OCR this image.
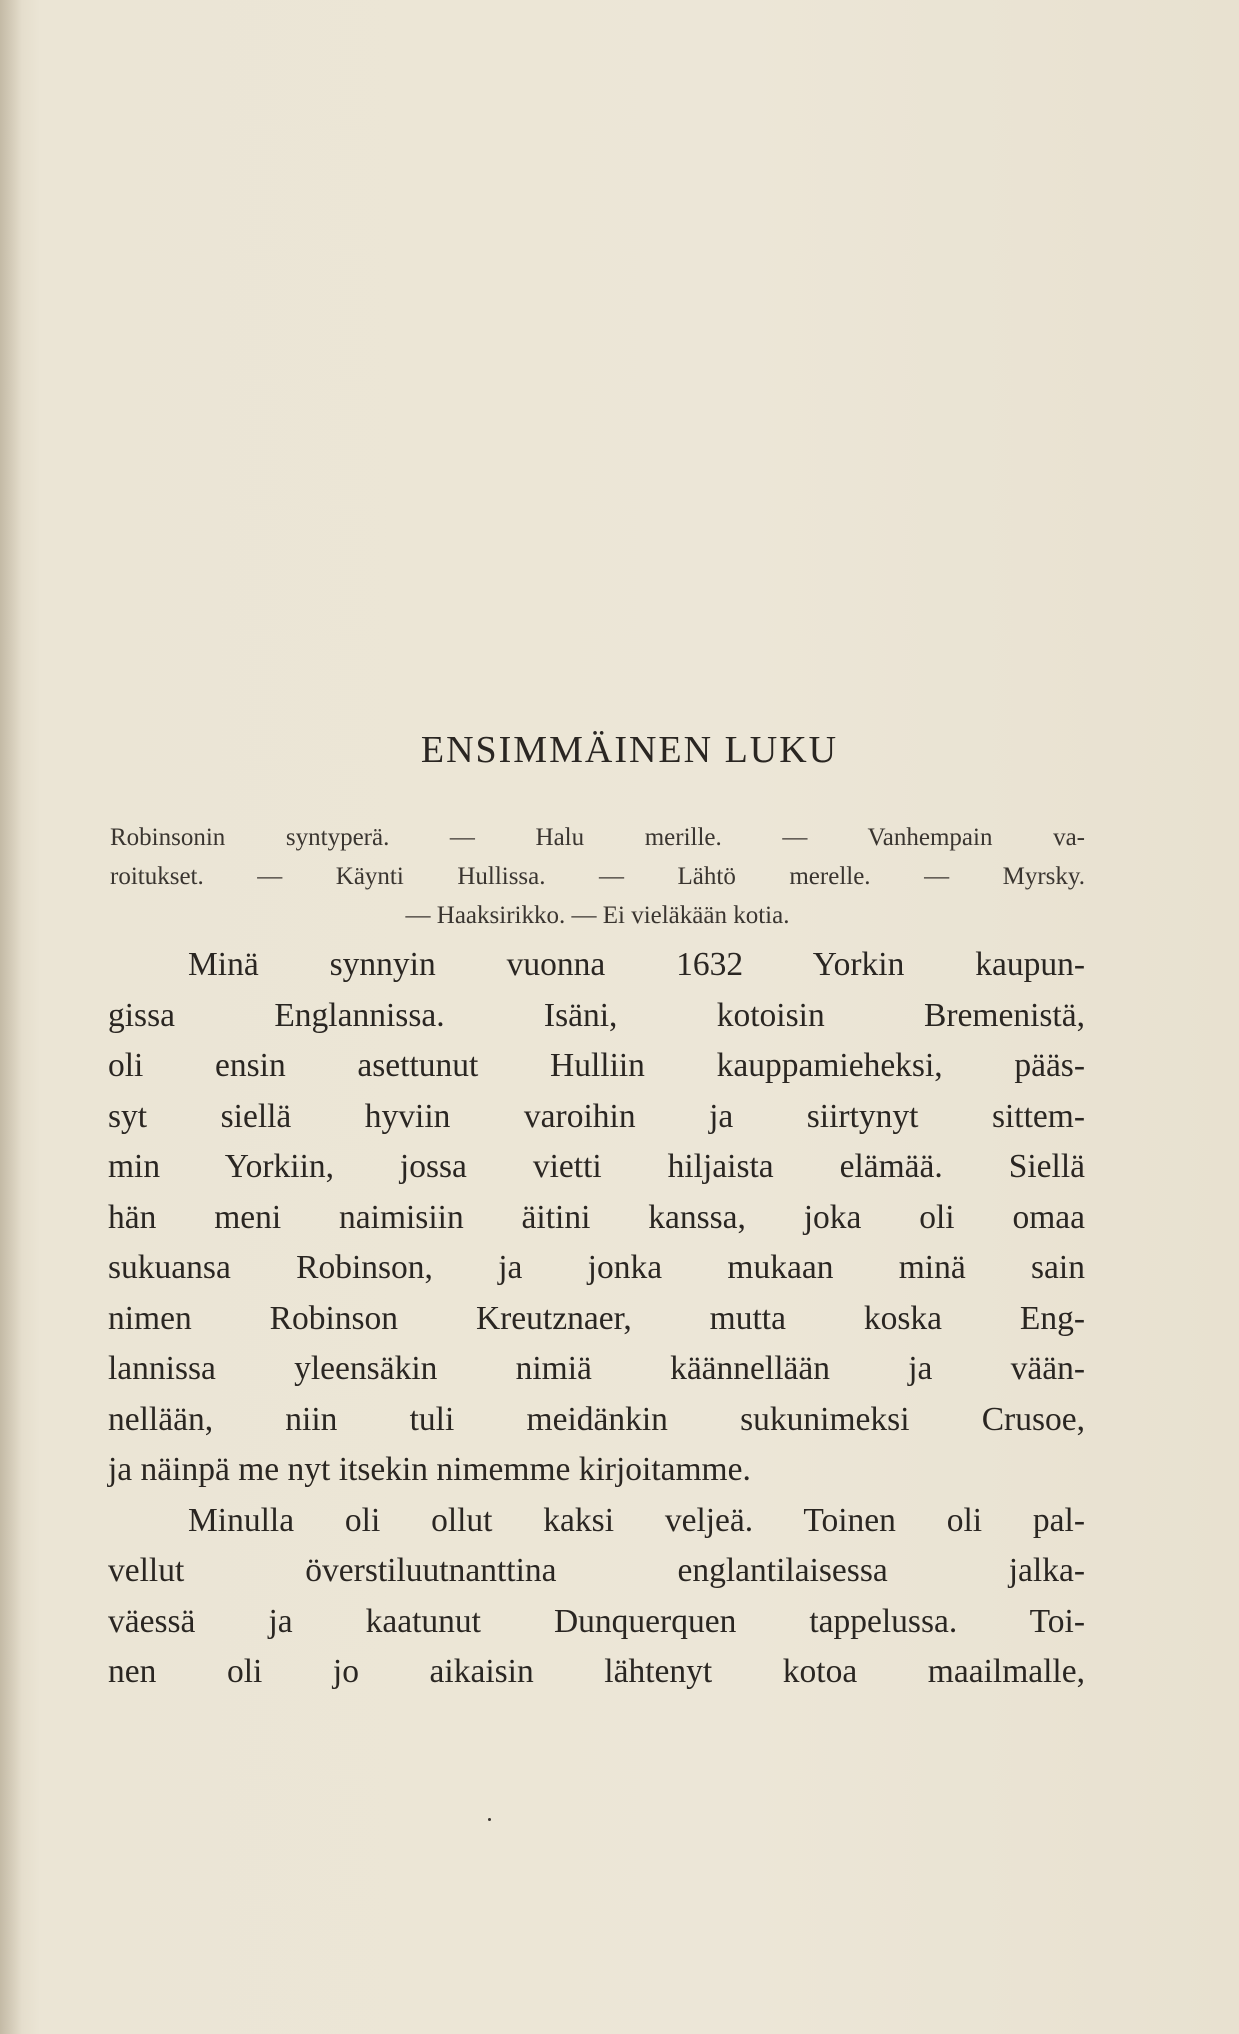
ENSIMMÄINEN LUKU

Robinsonin syntyperä. — Halu merille. — Vanhempain va-
roitukset. — Käynti Hullissa. — Lähtö merelle. — Myrsky.
— Haaksirikko. — Ei vieläkään kotia.

Minä synnyin vuonna 1632 Yorkin kaupun-
gissa Englannissa. Isäni, kotoisin Bremenistä,
oli ensin asettunut Hulliin kauppamieheksi, pääs-
syt siellä hyviin varoihin ja siirtynyt sittem-
min Yorkiin, jossa vietti hiljaista elämää. Siellä
hän meni naimisiin äitini kanssa, joka oli omaa
sukuansa Robinson, ja jonka mukaan minä sain
nimen Robinson Kreutznaer, mutta koska Eng-
lannissa yleensäkin nimiä käännellään ja vään-
nellään, niin tuli meidänkin sukunimeksi Crusoe,
ja näinpä me nyt itsekin nimemme kirjoitamme.
Minulla oli ollut kaksi veljeä. Toinen oli pal-
vellut överstiluutnanttina englantilaisessa jalka-
väessä ja kaatunut Dunquerquen tappelussa. Toi-
nen oli jo aikaisin lähtenyt kotoa maailmalle,
